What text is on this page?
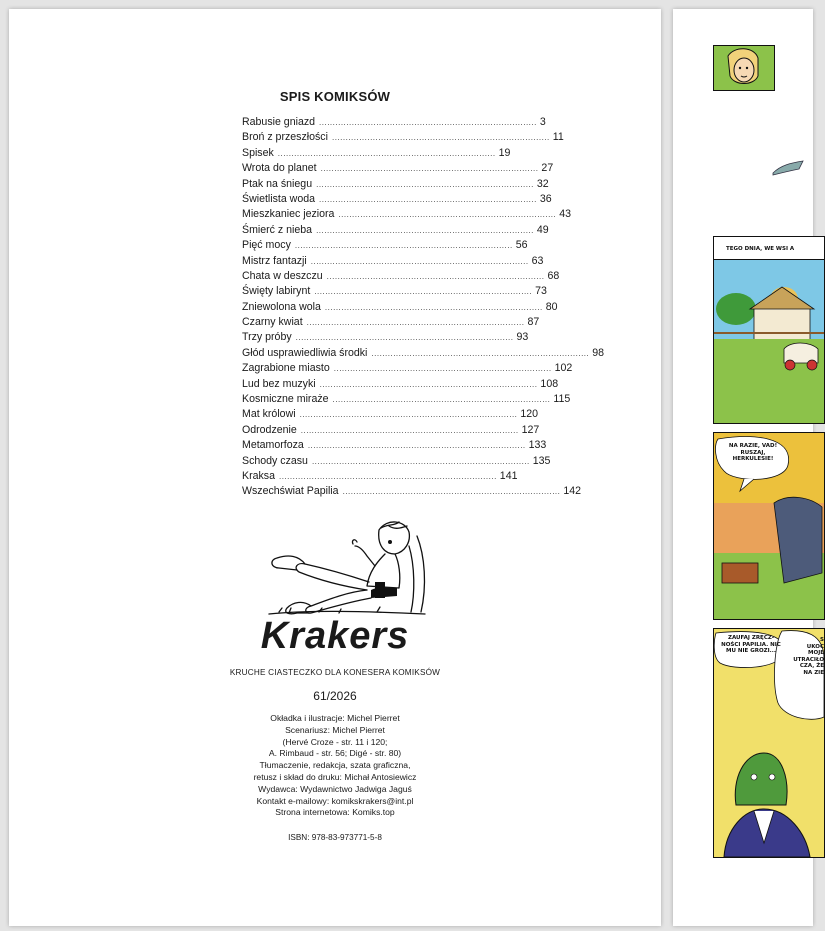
SPIS KOMIKSÓW
Rabusie gniazd .....	3
Broń z przeszłości .....	11
Spisek .....	19
Wrota do planet .....	27
Ptak na śniegu .....	32
Świetlista woda .....	36
Mieszkaniec jeziora .....	43
Śmierć z nieba .....	49
Pięć mocy .....	56
Mistrz fantazji .....	63
Chata w deszczu .....	68
Święty labirynt .....	73
Zniewolona wola .....	80
Czarny kwiat .....	87
Trzy próby .....	93
Głód usprawiedliwia środki .....	98
Zagrabione miasto .....	102
Lud bez muzyki .....	108
Kosmiczne miraże .....	115
Mat królowi .....	120
Odrodzenie .....	127
Metamorfoza .....	133
Schody czasu .....	135
Kraksa .....	141
Wszechświat Papilia .....	142
Krakers
KRUCHE CIASTECZKO DLA KONESERA KOMIKSÓW
61/2026
Okładka i ilustracje: Michel Pierret
Scenariusz: Michel Pierret
(Hervé Croze - str. 11 i 120;
A. Rimbaud - str. 56; Digé - str. 80)
Tłumaczenie, redakcja, szata graficzna,
retusz i skład do druku: Michał Antosiewicz
Wydawca: Wydawnictwo Jadwiga Jaguś
Kontakt e-mailowy: komikskrakers@int.pl
Strona internetowa: Komiks.top
ISBN: 978-83-973771-5-8
TEGO DNIA, WE WSI A
NA RAZIE, VAD!
RUSZAJ,
HERKULESIE!
ZAUFAJ ZRĘCZ-
NOŚCI PAPILIA. NIC
MU NIE GROZI...
S
UKOC
MOJE
UTRACIŁO
CZA, ŻE
NA ZIE
